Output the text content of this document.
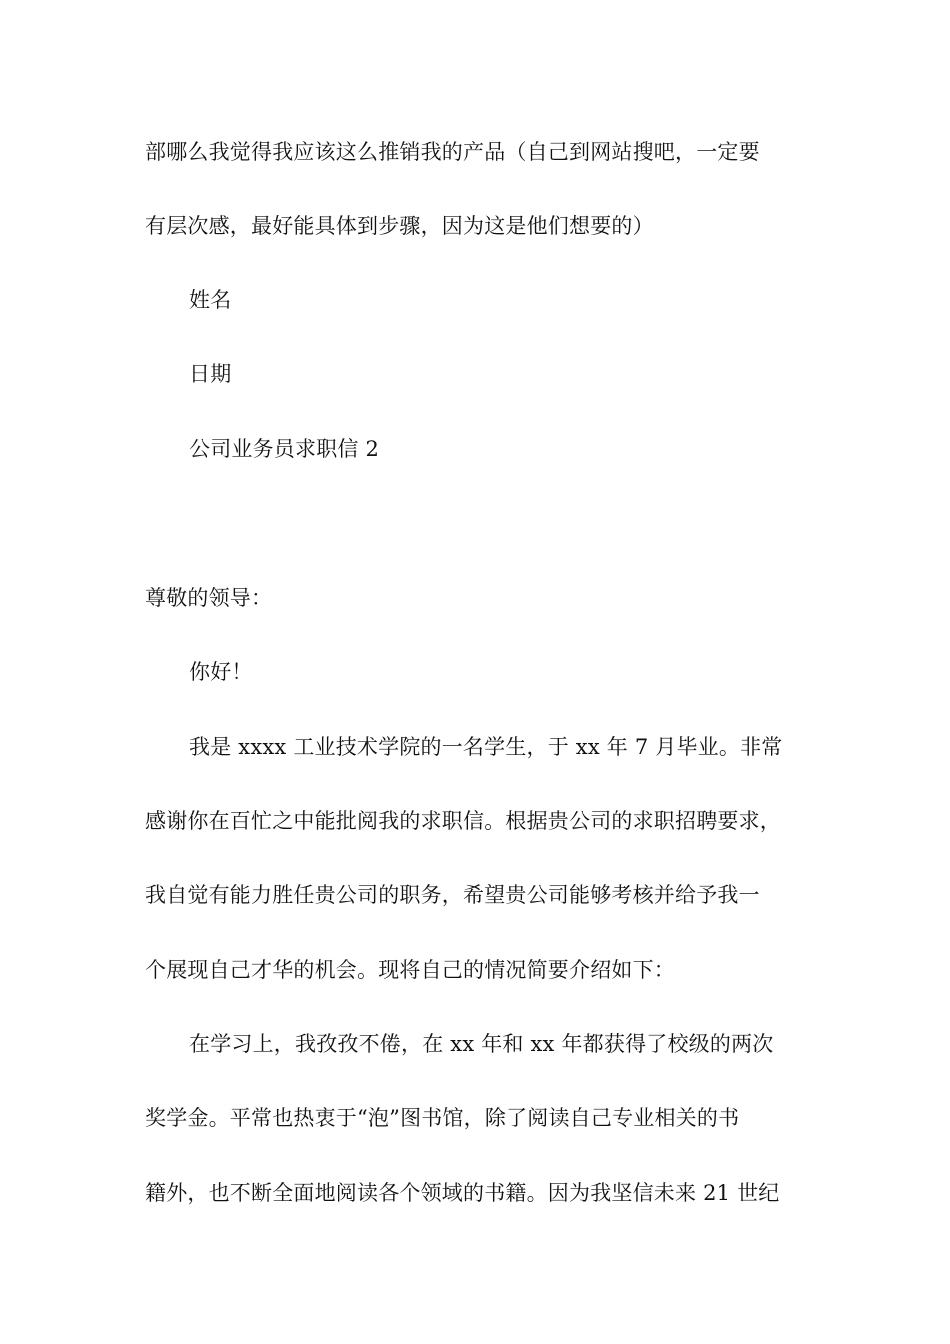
部哪么我觉得我应该这么推销我的产品（自己到网站搜吧，一定要
有层次感，最好能具体到步骤，因为这是他们想要的）
姓名
日期
公司业务员求职信 2
尊敬的领导：
你好！
我是 xxxx 工业技术学院的一名学生，于 xx 年 7 月毕业。非常
感谢你在百忙之中能批阅我的求职信。根据贵公司的求职招聘要求，
我自觉有能力胜任贵公司的职务，希望贵公司能够考核并给予我一
个展现自己才华的机会。现将自己的情况简要介绍如下：
在学习上，我孜孜不倦，在 xx 年和 xx 年都获得了校级的两次
奖学金。平常也热衷于“泡”图书馆，除了阅读自己专业相关的书
籍外，也不断全面地阅读各个领域的书籍。因为我坚信未来 21 世纪
